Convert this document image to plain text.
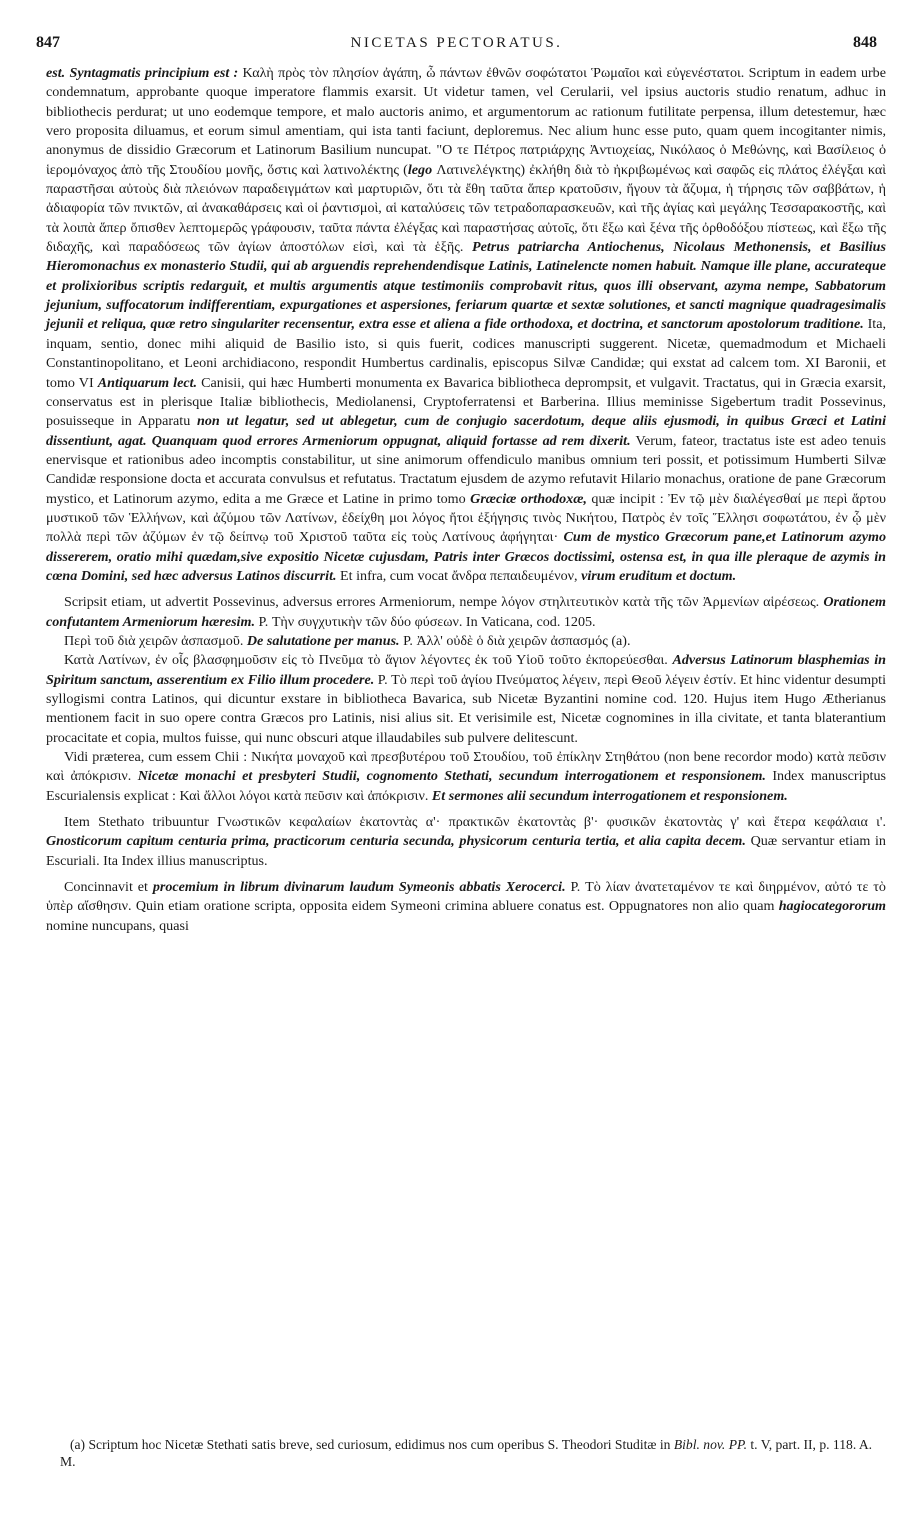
847	NICETAS PECTORATUS.	848

est. Syntagmatis principium est : Καλὴ πρὸς τὸν πλησίον ἀγάπη, ὦ πάντων ἐθνῶν σοφώτατοι Ῥωμαῖοι καὶ εὐγενέστατοι. Scriptum in eadem urbe condemnatum, approbante quoque imperatore flammis exarsit. Ut videtur tamen, vel Cerularii, vel ipsius auctoris studio renatum, adhuc in bibliothecis perdurat; ut uno eodemque tempore, et malo auctoris animo, et argumentorum ac rationum futilitate perpensa, illum detestemur, hæc vero proposita diluamus, et eorum simul amentiam, qui ista tanti faciunt, deploremus. Nec alium hunc esse puto, quam quem incogitanter nimis, anonymus de dissidio Græcorum et Latinorum Basilium nuncupat. "Ο τε Πέτρος πατριάρχης Ἀντιοχείας, Νικόλαος ὁ Μεθώνης, καὶ Βασίλειος ὁ ἱερομόναχος ἀπὸ τῆς Στουδίου μονῆς, ὅστις καὶ λατινολέκτης (lego Λατινελέγκτης) ἐκλήθη διὰ τὸ ἠκριβωμένως καὶ σαφῶς εἰς πλάτος ἐλέγξαι καὶ παραστῆσαι αὐτοὺς διὰ πλειόνων παραδειγμάτων καὶ μαρτυριῶν, ὅτι τὰ ἔθη ταῦτα ἅπερ κρατοῦσιν, ἤγουν τὰ ἄζυμα, ἡ τήρησις τῶν σαββάτων, ἡ ἀδιαφορία τῶν πνικτῶν, αἱ ἀνακαθάρσεις καὶ οἱ ῥαντισμοὶ, αἱ καταλύσεις τῶν τετραδοπαρασκευῶν, καὶ τῆς ἁγίας καὶ μεγάλης Τεσσαρακοστῆς, καὶ τὰ λοιπὰ ἅπερ ὄπισθεν λεπτομερῶς γράφουσιν, ταῦτα πάντα ἐλέγξας καὶ παραστήσας αὐτοῖς, ὅτι ἔξω καὶ ξένα τῆς ὀρθοδόξου πίστεως, καὶ ἔξω τῆς διδαχῆς, καὶ παραδόσεως τῶν ἁγίων ἀποστόλων εἰσὶ, καὶ τὰ ἑξῆς. Petrus patriarcha Antiochenus, Nicolaus Methonensis, et Basilius Hieromonachus ex monasterio Studii, qui ab arguendis reprehendendisque Latinis, Latinelencte nomen habuit. Namque ille plane, accurateque et prolixioribus scriptis redarguit, et multis argumentis atque testimoniis comprobavit ritus, quos illi observant, azyma nempe, Sabbatorum jejunium, suffocatorum indifferentiam, expurgationes et aspersiones, feriarum quartæ et sextæ solutiones, et sancti magnique quadragesimalis jejunii et reliqua, quæ retro singulariter recensentur, extra esse et aliena a fide orthodoxa, et doctrina, et sanctorum apostolorum traditione. Ita, inquam, sentio, donec mihi aliquid de Basilio isto, si quis fuerit, codices manuscripti suggerent. Nicetæ, quemadmodum et Michaeli Constantinopolitano, et Leoni archidiacono, respondit Humbertus cardinalis, episcopus Silvæ Candidæ; qui exstat ad calcem tom. XI Baronii, et tomo VI Antiquarum lect. Canisii, qui hæc Humberti monumenta ex Bavarica bibliotheca deprompsit, et vulgavit. Tractatus, qui in Græcia exarsit, conservatus est in plerisque Italiæ bibliothecis, Mediolanensi, Cryptoferratensi et Barberina. Illius meminisse Sigebertum tradit Possevinus, posuisseque in Apparatu non ut legatur, sed ut ablegetur, cum de conjugio sacerdotum, deque aliis ejusmodi, in quibus Græci et Latini dissentiunt, agat. Quanquam quod errores Armeniorum oppugnat, aliquid fortasse ad rem dixerit. Verum, fateor, tractatus iste est adeo tenuis enervisque et rationibus adeo incomptis constabilitur, ut sine animorum offendiculo manibus omnium teri possit, et potissimum Humberti Silvæ Candidæ responsione docta et accurata convulsus et refutatus. Tractatum ejusdem de azymo refutavit Hilario monachus, oratione de pane Græcorum mystico, et Latinorum azymo, edita a me Græce et Latine in primo tomo Græciæ orthodoxæ, quæ incipit : Ἐν τῷ μὲν διαλέγεσθαί με περὶ ἄρτου μυστικοῦ τῶν Ἑλλήνων, καὶ ἀζύμου τῶν Λατίνων, ἐδείχθη μοι λόγος ἤτοι ἐξήγησις τινὸς Νικήτου, Πατρὸς ἐν τοῖς Ἕλλησι σοφωτάτου, ἐν ᾧ μὲν πολλὰ περὶ τῶν ἀζύμων ἐν τῷ δείπνῳ τοῦ Χριστοῦ ταῦτα εἰς τοὺς Λατίνους ἀφήγηται· Cum de mystico Græcorum pane,et Latinorum azymo dissererem, oratio mihi quædam,sive expositio Nicetæ cujusdam, Patris inter Græcos doctissimi, ostensa est, in qua ille pleraque de azymis in cœna Domini, sed hæc adversus Latinos discurrit. Et infra, cum vocat ἄνδρα πεπαιδευμένον, virum eruditum et doctum.

Scripsit etiam, ut advertit Possevinus, adversus errores Armeniorum, nempe λόγον στηλιτευτικὸν κατὰ τῆς τῶν Ἀρμενίων αἱρέσεως. Orationem confutantem Armeniorum hæresim. P. Τὴν συγχυτικὴν τῶν δύο φύσεων. In Vaticana, cod. 1205.

Περὶ τοῦ διὰ χειρῶν ἀσπασμοῦ. De salutatione per manus. P. Ἀλλ' οὐδὲ ὁ διὰ χειρῶν ἀσπασμός (a).

Κατὰ Λατίνων, ἐν οἷς βλασφημοῦσιν εἰς τὸ Πνεῦμα τὸ ἅγιον λέγοντες ἐκ τοῦ Υἱοῦ τοῦτο ἐκπορεύεσθαι. Adversus Latinorum blasphemias in Spiritum sanctum, asserentium ex Filio illum procedere. P. Τὸ περὶ τοῦ ἁγίου Πνεύματος λέγειν, περὶ Θεοῦ λέγειν ἐστίν. Et hinc videntur desumpti syllogismi contra Latinos, qui dicuntur exstare in bibliotheca Bavarica, sub Nicetæ Byzantini nomine cod. 120. Hujus item Hugo Ætherianus mentionem facit in suo opere contra Græcos pro Latinis, nisi alius sit. Et verisimile est, Nicetæ cognomines in illa civitate, et tanta blaterantium procacitate et copia, multos fuisse, qui nunc obscuri atque illaudabiles sub pulvere delitescunt.

Vidi præterea, cum essem Chii : Νικήτα μοναχοῦ καὶ πρεσβυτέρου τοῦ Στουδίου, τοῦ ἐπίκλην Στηθάτου (non bene recordor modo) κατὰ πεῦσιν καὶ ἀπόκρισιν. Nicetæ monachi et presbyteri Studii, cognomento Stethati, secundum interrogationem et responsionem. Index manuscriptus Escurialensis explicat : Καὶ ἄλλοι λόγοι κατὰ πεῦσιν καὶ ἀπόκρισιν. Et sermones alii secundum interrogationem et responsionem.

Item Stethato tribuuntur Γνωστικῶν κεφαλαίων ἑκατοντὰς α'· πρακτικῶν ἑκατοντὰς β'· φυσικῶν ἑκατοντὰς γ' καὶ ἕτερα κεφάλαια ι'. Gnosticorum capitum centuria prima, practicorum centuria secunda, physicorum centuria tertia, et alia capita decem. Quæ servantur etiam in Escuriali. Ita Index illius manuscriptus.

Concinnavit et procemium in librum divinarum laudum Symeonis abbatis Xerocerci. P. Τὸ λίαν ἀνατεταμένον τε καὶ διηρμένον, αὐτό τε τὸ ὑπὲρ αἴσθησιν. Quin etiam oratione scripta, opposita eidem Symeoni crimina abluere conatus est. Oppugnatores non alio quam hagiocategororum nomine nuncupans, quasi

(a) Scriptum hoc Nicetæ Stethati satis breve, sed curiosum, edidimus nos cum operibus S. Theodori Studitæ in Bibl. nov. PP. t. V, part. II, p. 118. A. M.
